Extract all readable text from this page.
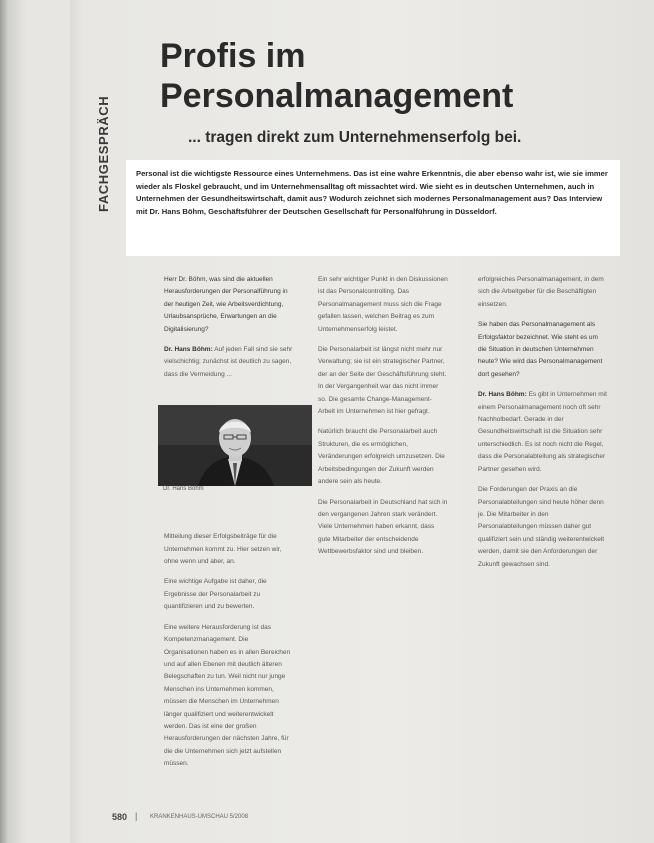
FACHGESPRÄCH
Profis im
Personalmanagement
... tragen direkt zum Unternehmenserfolg bei.

Personal ist die wichtigste Ressource eines Unternehmens. Das ist eine wahre Erkenntnis, die aber ebenso wahr ist, wie sie immer wieder als Floskel gebraucht, und im Unternehmensalltag oft missachtet wird. Wie sieht es in deutschen Unternehmen, auch in Unternehmen der Gesundheitswirtschaft, damit aus? Wodurch zeichnet sich modernes Personalmanagement aus? Das Interview mit Dr. Hans Böhm, Geschäftsführer der Deutschen Gesellschaft für Personalführung in Düsseldorf.

Herr Dr. Böhm, was sind die aktuellen Herausforderungen der Personalführung in der heutigen Zeit, wie Arbeitsverdichtung, Urlaubsansprüche, Erwartungen an die Digitalisierung?

Dr. Hans Böhm: Auf jeden Fall sind sie sehr vielschichtig; zunächst ist deutlich zu sagen, dass die Vermeidung ...

Mitteilung dieser Erfolgsbeiträge für die Unternehmen kommt zu. Hier setzen wir, ohne wenn und aber, an.

Eine wichtige Aufgabe ist daher, die Ergebnisse der Personalarbeit zu quantifizieren und zu bewerten.

Eine weitere Herausforderung ist das Kompetenzmanagement. Die Organisationen haben es in allen Bereichen und auf allen Ebenen mit deutlich älteren Belegschaften zu tun. Weil nicht nur junge Menschen ins Unternehmen kommen, müssen die Menschen im Unternehmen länger qualifiziert und weiterentwickelt werden. Das ist eine der großen Herausforderungen der nächsten Jahre, für die die Unternehmen sich jetzt aufstellen müssen.

Dr. Hans Böhm

Ein sehr wichtiger Punkt in den Diskussionen ist das Personalcontrolling. Das Personalmanagement muss sich die Frage gefallen lassen, welchen Beitrag es zum Unternehmenserfolg leistet.

Die Personalarbeit ist längst nicht mehr nur Verwaltung; sie ist ein strategischer Partner, der an der Seite der Geschäftsführung steht. In der Vergangenheit war das nicht immer so. Die gesamte Change-Management-Arbeit im Unternehmen ist hier gefragt.

Natürlich braucht die Personalarbeit auch Strukturen, die es ermöglichen, Veränderungen erfolgreich umzusetzen. Die Arbeitsbedingungen der Zukunft werden andere sein als heute.

Die Personalarbeit in Deutschland hat sich in den vergangenen Jahren stark verändert. Viele Unternehmen haben erkannt, dass gute Mitarbeiter der entscheidende Wettbewerbsfaktor sind und bleiben.

erfolgreiches Personalmanagement, in dem sich die Arbeitgeber für die Beschäftigten einsetzen.

Sie haben das Personalmanagement als Erfolgsfaktor bezeichnet. Wie steht es um die Situation in deutschen Unternehmen heute? Wie wird das Personalmanagement dort gesehen?

Dr. Hans Böhm: Es gibt in Unternehmen mit einem Personalmanagement noch oft sehr Nachholbedarf. Gerade in der Gesundheitswirtschaft ist die Situation sehr unterschiedlich. Es ist noch nicht die Regel, dass die Personalabteilung als strategischer Partner gesehen wird.

Die Forderungen der Praxis an die Personalabteilungen sind heute höher denn je. Die Mitarbeiter in den Personalabteilungen müssen daher gut qualifiziert sein und ständig weiterentwickelt werden, damit sie den Anforderungen der Zukunft gewachsen sind.

580 | KRANKENHAUS-UMSCHAU 5/2008
